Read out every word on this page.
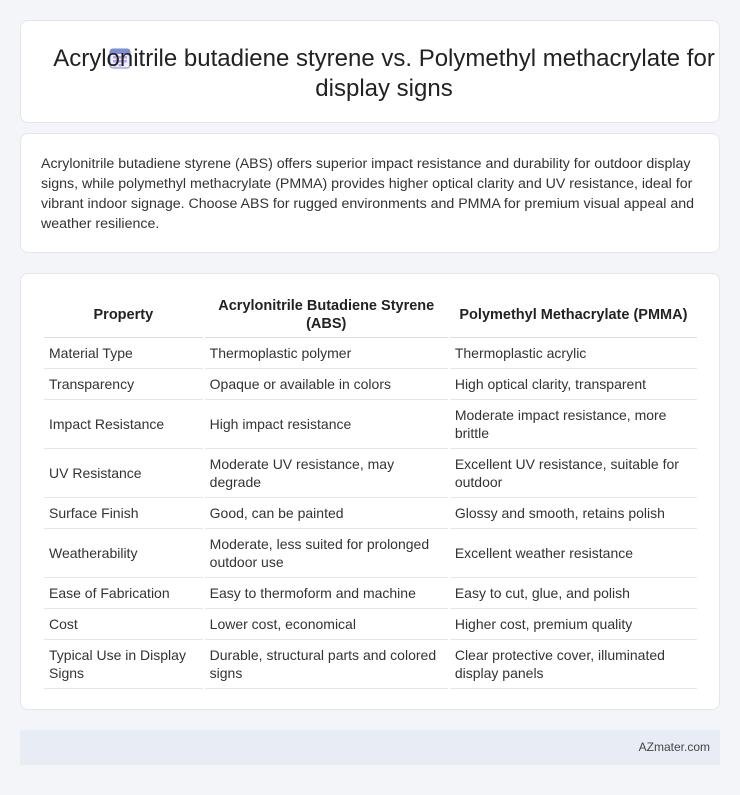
Acrylonitrile butadiene styrene vs. Polymethyl methacrylate for display signs

Acrylonitrile butadiene styrene (ABS) offers superior impact resistance and durability for outdoor display signs, while polymethyl methacrylate (PMMA) provides higher optical clarity and UV resistance, ideal for vibrant indoor signage. Choose ABS for rugged environments and PMMA for premium visual appeal and weather resilience.

Property	Acrylonitrile Butadiene Styrene (ABS)	Polymethyl Methacrylate (PMMA)
Material Type	Thermoplastic polymer	Thermoplastic acrylic
Transparency	Opaque or available in colors	High optical clarity, transparent
Impact Resistance	High impact resistance	Moderate impact resistance, more brittle
UV Resistance	Moderate UV resistance, may degrade	Excellent UV resistance, suitable for outdoor
Surface Finish	Good, can be painted	Glossy and smooth, retains polish
Weatherability	Moderate, less suited for prolonged outdoor use	Excellent weather resistance
Ease of Fabrication	Easy to thermoform and machine	Easy to cut, glue, and polish
Cost	Lower cost, economical	Higher cost, premium quality
Typical Use in Display Signs	Durable, structural parts and colored signs	Clear protective cover, illuminated display panels
AZmater.com
